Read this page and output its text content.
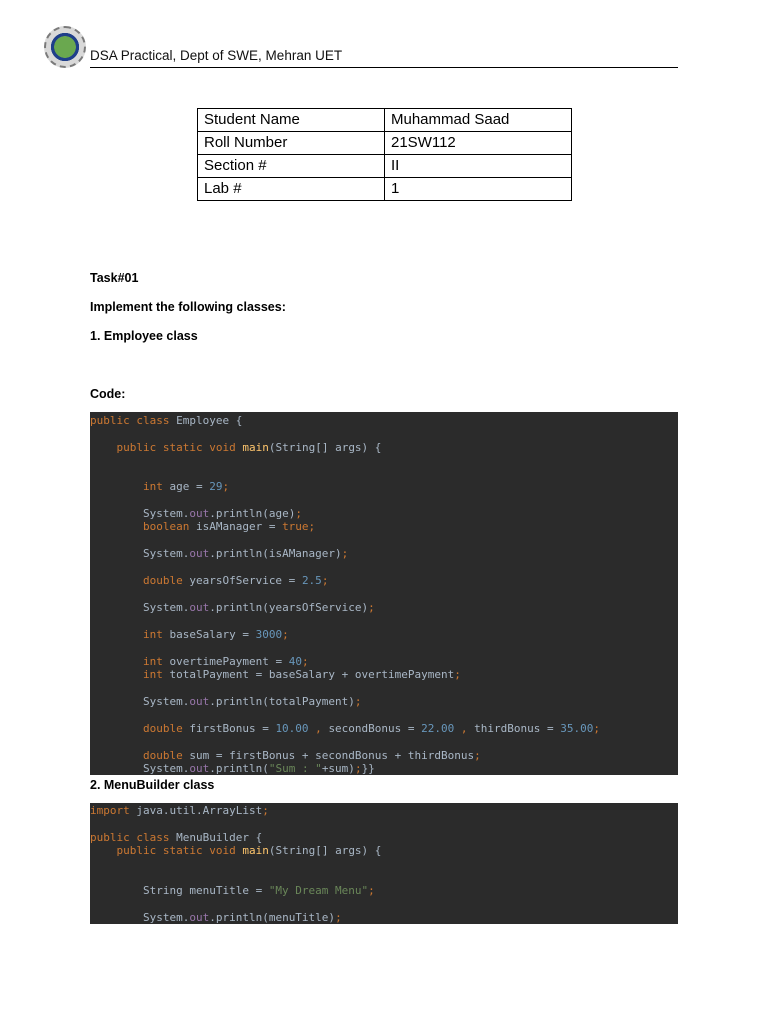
DSA Practical, Dept of SWE, Mehran UET
Student Name	Muhammad Saad
Roll Number	21SW112
Section #	II
Lab #	1
Task#01
Implement the following classes:
1. Employee class
Code:
public class Employee {
public static void main(String[] args) {
int age = 29;
System.out.println(age);
boolean isAManager = true;
System.out.println(isAManager);
double yearsOfService = 2.5;
System.out.println(yearsOfService);
int baseSalary = 3000;
int overtimePayment = 40;
int totalPayment = baseSalary + overtimePayment;
System.out.println(totalPayment);
double firstBonus = 10.00 , secondBonus = 22.00 , thirdBonus = 35.00;
double sum = firstBonus + secondBonus + thirdBonus;
System.out.println("Sum : "+sum);}}
2. MenuBuilder class
import java.util.ArrayList;
public class MenuBuilder {
public static void main(String[] args) {
String menuTitle = "My Dream Menu";
System.out.println(menuTitle);
